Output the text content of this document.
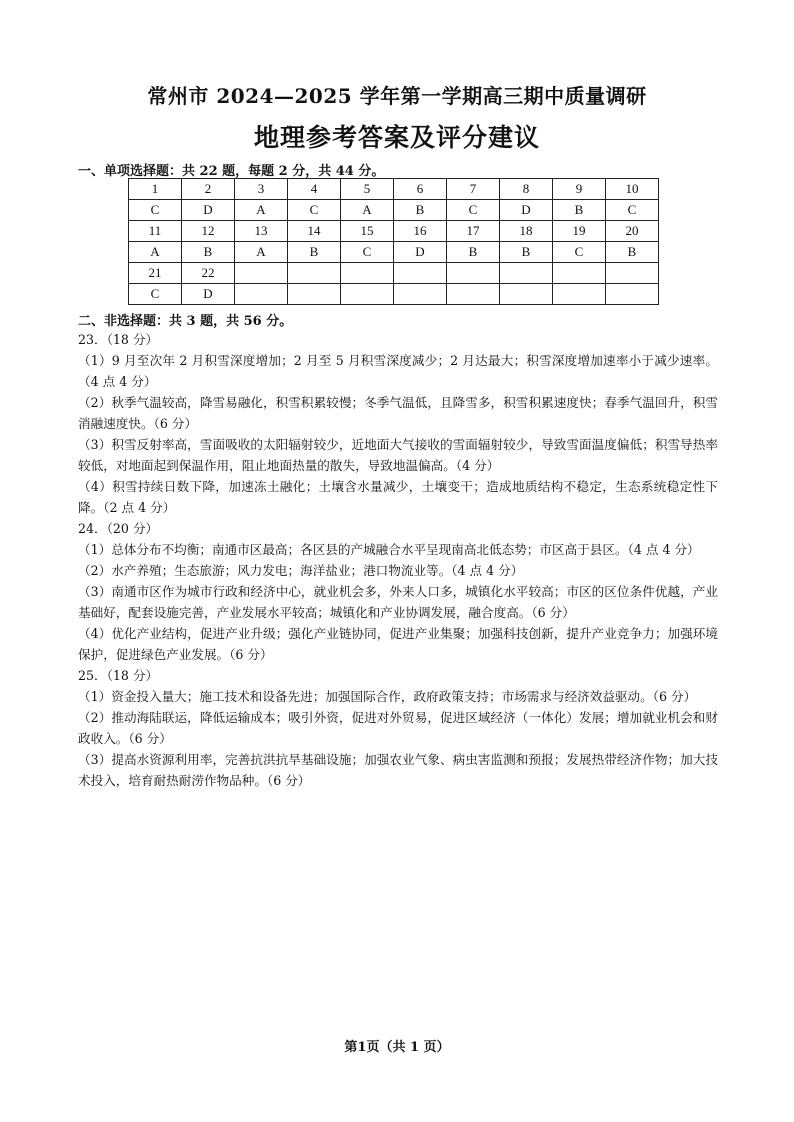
常州市 2024—2025 学年第一学期高三期中质量调研
地理参考答案及评分建议
一、单项选择题：共 22 题，每题 2 分，共 44 分。
1	2	3	4	5	6	7	8	9	10
C	D	A	C	A	B	C	D	B	C
11	12	13	14	15	16	17	18	19	20
A	B	A	B	C	D	B	B	C	B
21	22								
C	D								
二、非选择题：共 3 题，共 56 分。

23．（18 分）

（1）9 月至次年 2 月积雪深度增加；2 月至 5 月积雪深度减少；2 月达最大；积雪深度增加速率小于减少速率。（4 点 4 分）

（2）秋季气温较高，降雪易融化，积雪积累较慢；冬季气温低，且降雪多，积雪积累速度快；春季气温回升，积雪消融速度快。（6 分）

（3）积雪反射率高，雪面吸收的太阳辐射较少，近地面大气接收的雪面辐射较少，导致雪面温度偏低；积雪导热率较低，对地面起到保温作用，阻止地面热量的散失，导致地温偏高。（4 分）

（4）积雪持续日数下降，加速冻土融化；土壤含水量减少，土壤变干；造成地质结构不稳定，生态系统稳定性下降。（2 点 4 分）

24．（20 分）

（1）总体分布不均衡；南通市区最高；各区县的产城融合水平呈现南高北低态势；市区高于县区。（4 点 4 分）

（2）水产养殖；生态旅游；风力发电；海洋盐业；港口物流业等。（4 点 4 分）

（3）南通市区作为城市行政和经济中心，就业机会多，外来人口多，城镇化水平较高；市区的区位条件优越，产业基础好，配套设施完善，产业发展水平较高；城镇化和产业协调发展，融合度高。（6 分）

（4）优化产业结构，促进产业升级；强化产业链协同，促进产业集聚；加强科技创新，提升产业竞争力；加强环境保护，促进绿色产业发展。（6 分）

25．（18 分）

（1）资金投入量大；施工技术和设备先进；加强国际合作，政府政策支持；市场需求与经济效益驱动。（6 分）

（2）推动海陆联运，降低运输成本；吸引外资，促进对外贸易，促进区域经济（一体化）发展；增加就业机会和财政收入。（6 分）

（3）提高水资源利用率，完善抗洪抗旱基础设施；加强农业气象、病虫害监测和预报；发展热带经济作物；加大技术投入，培育耐热耐涝作物品种。（6 分）

第1页（共 1 页）
